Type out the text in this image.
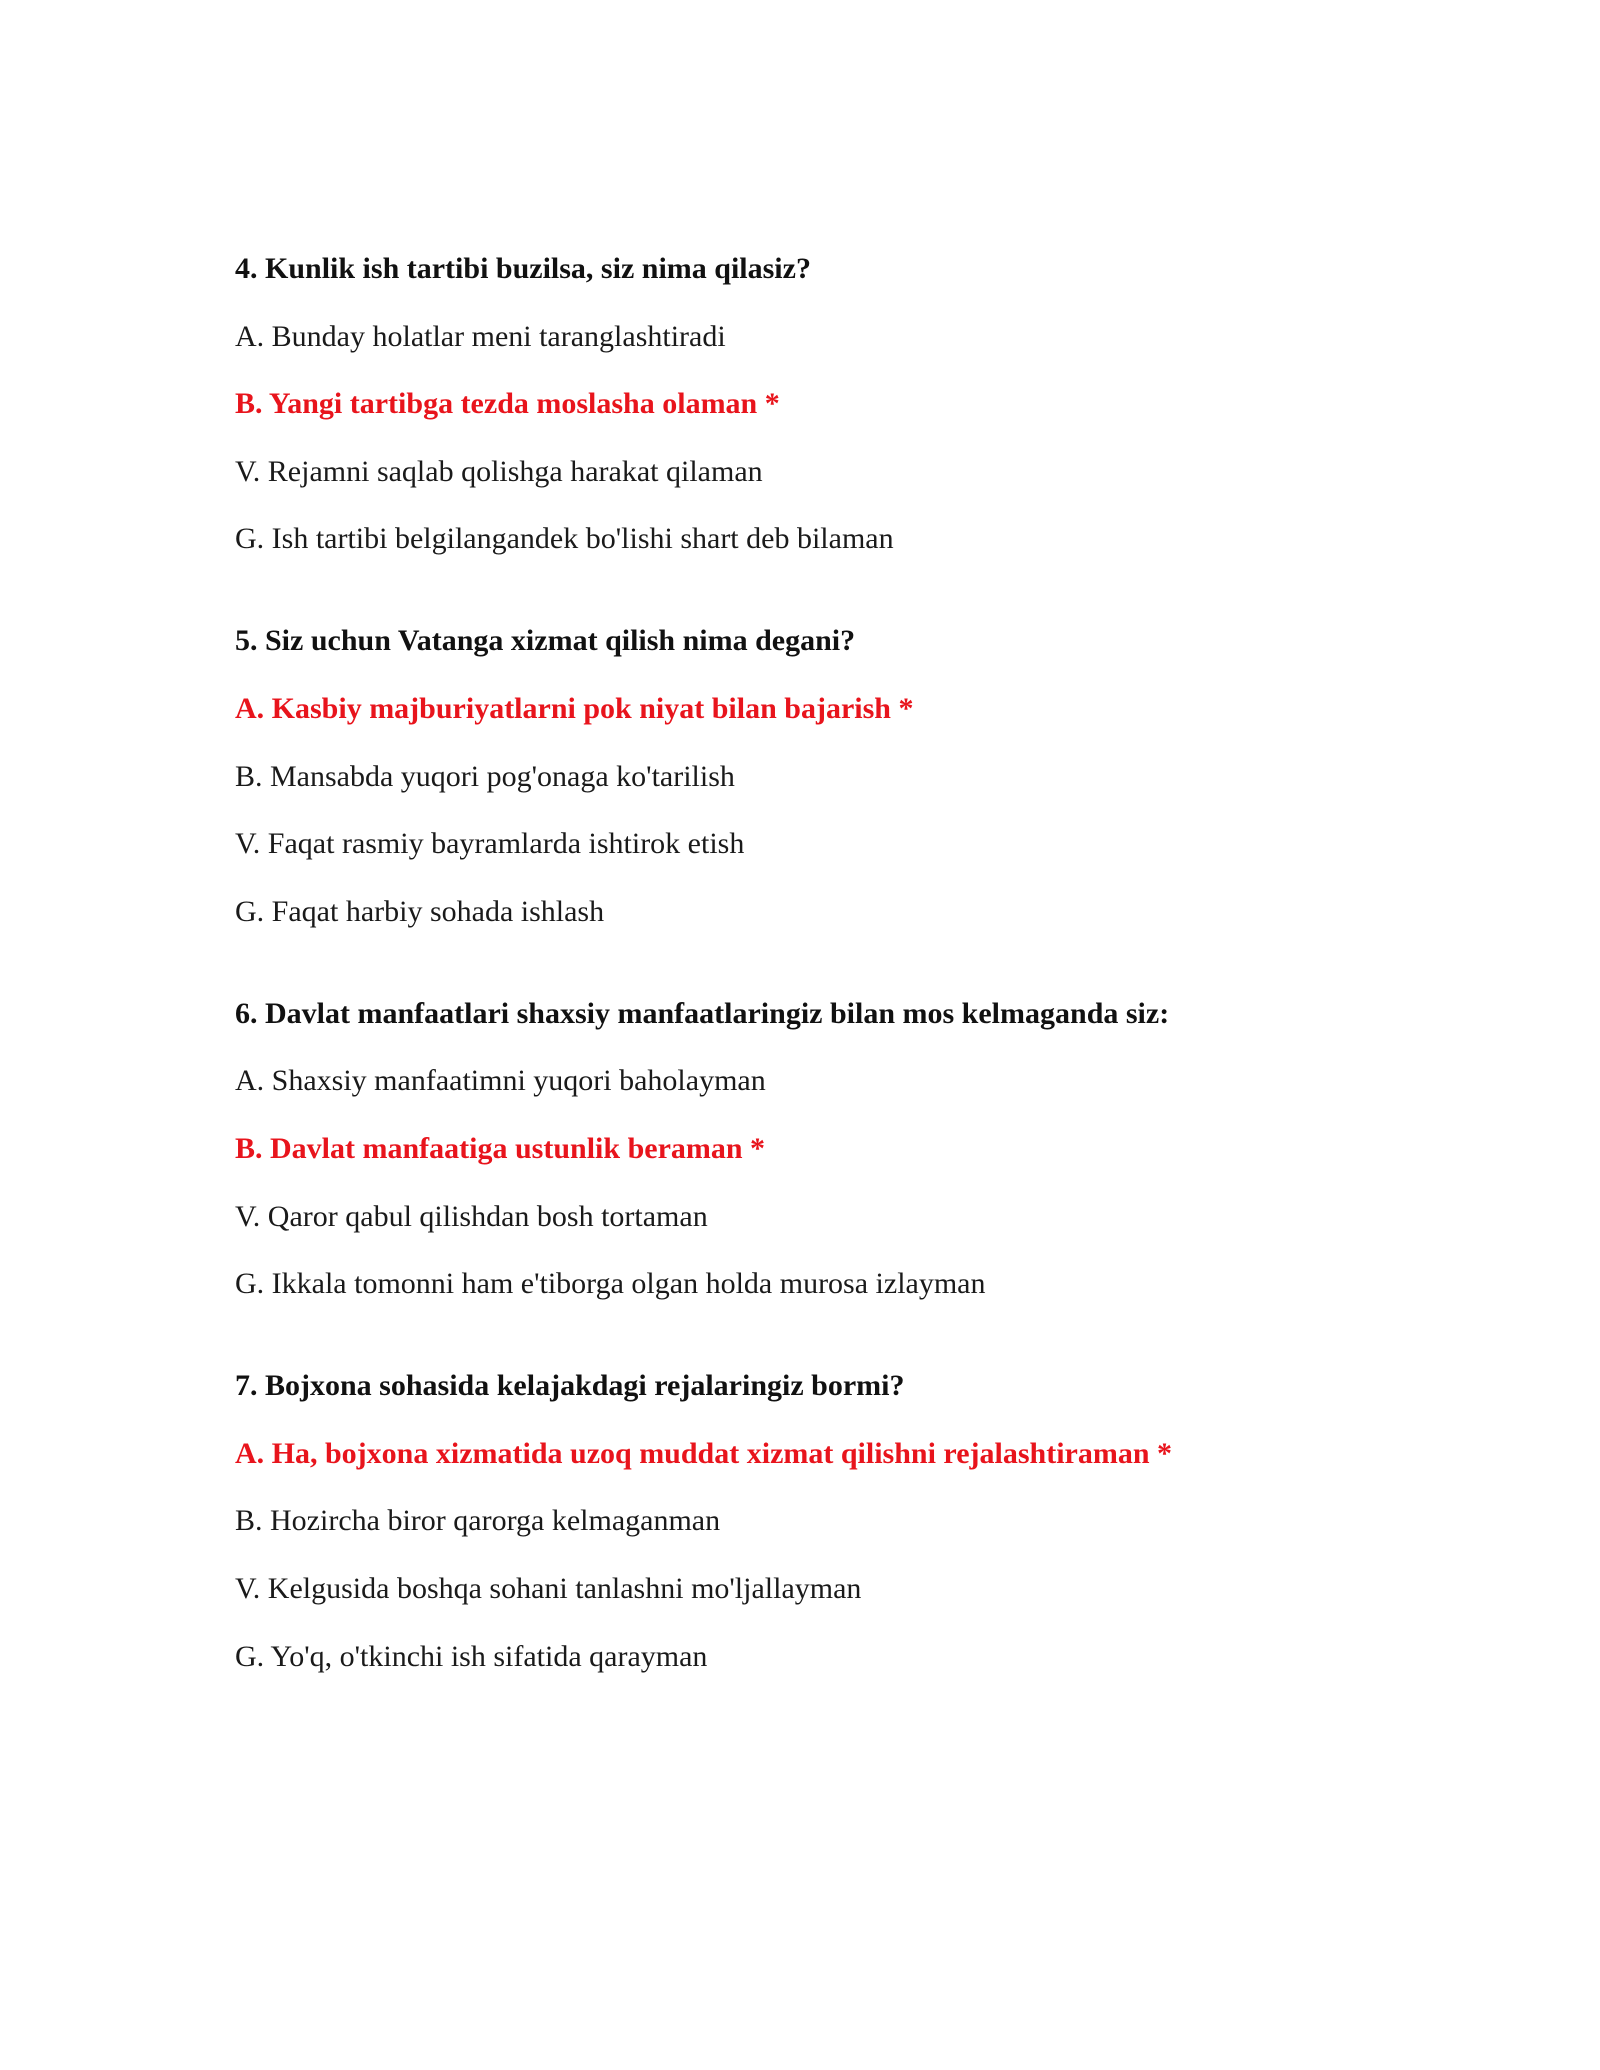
4. Kunlik ish tartibi buzilsa, siz nima qilasiz?
A. Bunday holatlar meni taranglashtiradi
B. Yangi tartibga tezda moslasha olaman *
V. Rejamni saqlab qolishga harakat qilaman
G. Ish tartibi belgilangandek bo'lishi shart deb bilaman
5. Siz uchun Vatanga xizmat qilish nima degani?
A. Kasbiy majburiyatlarni pok niyat bilan bajarish *
B. Mansabda yuqori pog'onaga ko'tarilish
V. Faqat rasmiy bayramlarda ishtirok etish
G. Faqat harbiy sohada ishlash
6. Davlat manfaatlari shaxsiy manfaatlaringiz bilan mos kelmaganda siz:
A. Shaxsiy manfaatimni yuqori baholayman
B. Davlat manfaatiga ustunlik beraman *
V. Qaror qabul qilishdan bosh tortaman
G. Ikkala tomonni ham e'tiborga olgan holda murosa izlayman
7. Bojxona sohasida kelajakdagi rejalaringiz bormi?
A. Ha, bojxona xizmatida uzoq muddat xizmat qilishni rejalashtiraman *
B. Hozircha biror qarorga kelmaganman
V. Kelgusida boshqa sohani tanlashni mo'ljallayman
G. Yo'q, o'tkinchi ish sifatida qarayman
